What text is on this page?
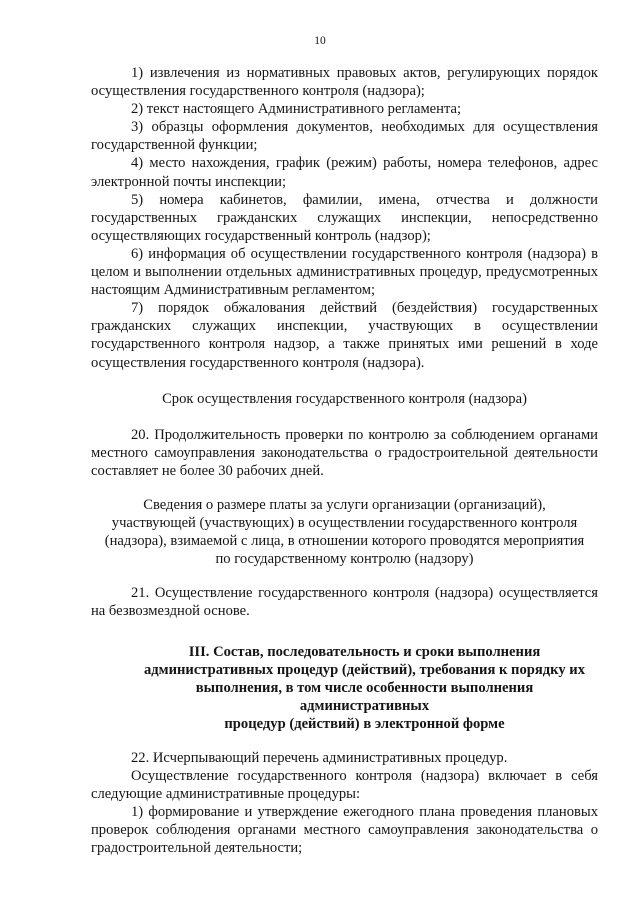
10

1) извлечения из нормативных правовых актов, регулирующих порядок осуществления государственного контроля (надзора);

2) текст настоящего Административного регламента;

3) образцы оформления документов, необходимых для осуществления государственной функции;

4) место нахождения, график (режим) работы, номера телефонов, адрес электронной почты инспекции;

5) номера кабинетов, фамилии, имена, отчества и должности государственных гражданских служащих инспекции, непосредственно осуществляющих государственный контроль (надзор);

6) информация об осуществлении государственного контроля (надзора) в целом и выполнении отдельных административных процедур, предусмотренных настоящим Административным регламентом;

7) порядок обжалования действий (бездействия) государственных гражданских служащих инспекции, участвующих в осуществлении государственного контроля надзор, а также принятых ими решений в ходе осуществления государственного контроля (надзора).

Срок осуществления государственного контроля (надзора)

20. Продолжительность проверки по контролю за соблюдением органами местного самоуправления законодательства о градостроительной деятельности составляет не более 30 рабочих дней.

Сведения о размере платы за услуги организации (организаций),
участвующей (участвующих) в осуществлении государственного контроля
(надзора), взимаемой с лица, в отношении которого проводятся мероприятия
по государственному контролю (надзору)

21. Осуществление государственного контроля (надзора) осуществляется на безвозмездной основе.

III. Состав, последовательность и сроки выполнения
административных процедур (действий), требования к порядку их
выполнения, в том числе особенности выполнения административных
процедур (действий) в электронной форме

22. Исчерпывающий перечень административных процедур.

Осуществление государственного контроля (надзора) включает в себя следующие административные процедуры:

1) формирование и утверждение ежегодного плана проведения плановых проверок соблюдения органами местного самоуправления законодательства о градостроительной деятельности;
